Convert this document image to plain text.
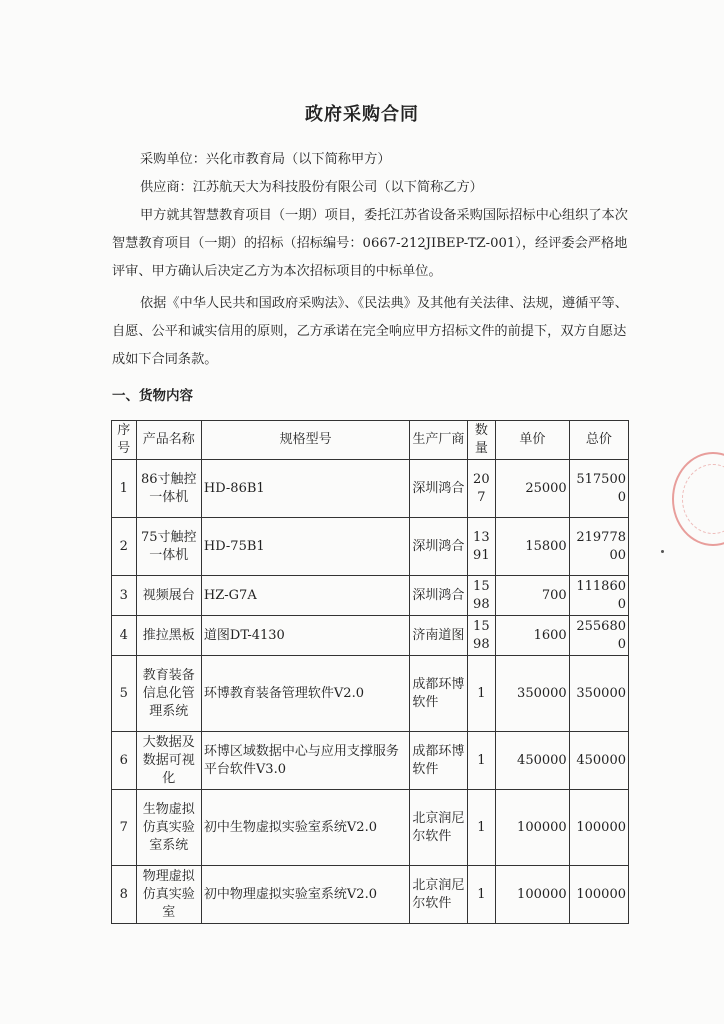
政府采购合同

采购单位：兴化市教育局（以下简称甲方）

供应商：江苏航天大为科技股份有限公司（以下简称乙方）

甲方就其智慧教育项目（一期）项目，委托江苏省设备采购国际招标中心组织了本次智慧教育项目（一期）的招标（招标编号：0667-212JIBEP-TZ-001），经评委会严格地评审、甲方确认后决定乙方为本次招标项目的中标单位。

依据《中华人民共和国政府采购法》、《民法典》及其他有关法律、法规，遵循平等、自愿、公平和诚实信用的原则，乙方承诺在完全响应甲方招标文件的前提下，双方自愿达成如下合同条款。

一、货物内容
序号	产品名称	规格型号	生产厂商	数量	单价	总价
1	86寸触控一体机	HD-86B1	深圳鸿合	207	25000	5175000
2	75寸触控一体机	HD-75B1	深圳鸿合	1391	15800	21977800
3	视频展台	HZ-G7A	深圳鸿合	1598	700	1118600
4	推拉黑板	道图DT-4130	济南道图	1598	1600	2556800
5	教育装备信息化管理系统	环博教育装备管理软件V2.0	成都环博软件	1	350000	350000
6	大数据及数据可视化	环博区域数据中心与应用支撑服务平台软件V3.0	成都环博软件	1	450000	450000
7	生物虚拟仿真实验室系统	初中生物虚拟实验室系统V2.0	北京润尼尔软件	1	100000	100000
8	物理虚拟仿真实验室	初中物理虚拟实验室系统V2.0	北京润尼尔软件	1	100000	100000
